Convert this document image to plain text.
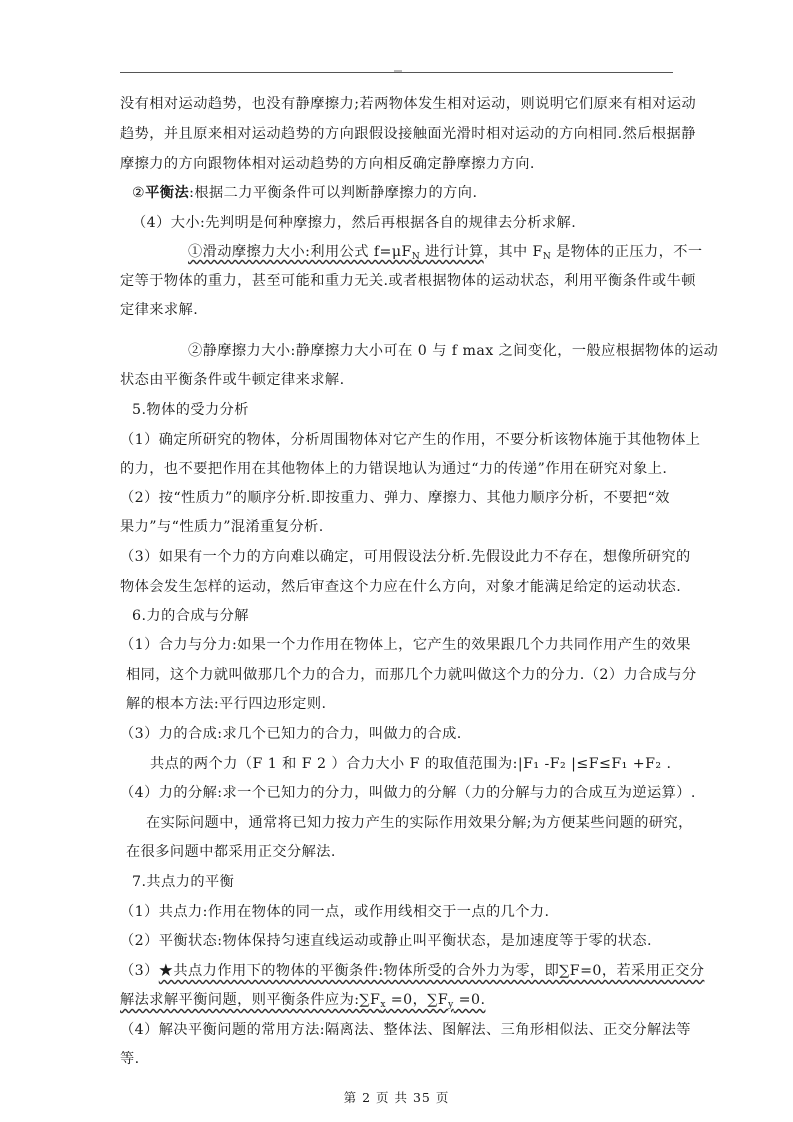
没有相对运动趋势，也没有静摩擦力;若两物体发生相对运动，则说明它们原来有相对运动
趋势，并且原来相对运动趋势的方向跟假设接触面光滑时相对运动的方向相同.然后根据静
摩擦力的方向跟物体相对运动趋势的方向相反确定静摩擦力方向.
②平衡法:根据二力平衡条件可以判断静摩擦力的方向.
（4）大小:先判明是何种摩擦力，然后再根据各自的规律去分析求解.
①滑动摩擦力大小:利用公式 $f=\mu F_N$ 进行计算，其中 $F_N$ 是物体的正压力，不一
定等于物体的重力，甚至可能和重力无关.或者根据物体的运动状态，利用平衡条件或牛顿
定律来求解.
②静摩擦力大小:静摩擦力大小可在 0 与 f max 之间变化，一般应根据物体的运动
状态由平衡条件或牛顿定律来求解.
5.物体的受力分析
（1）确定所研究的物体，分析周围物体对它产生的作用，不要分析该物体施于其他物体上
的力，也不要把作用在其他物体上的力错误地认为通过“力的传递”作用在研究对象上.
（2）按“性质力”的顺序分析.即按重力、弹力、摩擦力、其他力顺序分析，不要把“效
果力”与“性质力”混淆重复分析.
（3）如果有一个力的方向难以确定，可用假设法分析.先假设此力不存在，想像所研究的
物体会发生怎样的运动，然后审查这个力应在什么方向，对象才能满足给定的运动状态.
6.力的合成与分解
（1）合力与分力:如果一个力作用在物体上，它产生的效果跟几个力共同作用产生的效果
相同，这个力就叫做那几个力的合力，而那几个力就叫做这个力的分力.（2）力合成与分
解的根本方法:平行四边形定则.
（3）力的合成:求几个已知力的合力，叫做力的合成.
共点的两个力（F 1 和 F 2 ）合力大小 F 的取值范围为:|F₁ -F₂ |≤F≤F₁ +F₂ .
（4）力的分解:求一个已知力的分力，叫做力的分解（力的分解与力的合成互为逆运算）.
在实际问题中，通常将已知力按力产生的实际作用效果分解;为方便某些问题的研究，
在很多问题中都采用正交分解法.
7.共点力的平衡
（1）共点力:作用在物体的同一点，或作用线相交于一点的几个力.
（2）平衡状态:物体保持匀速直线运动或静止叫平衡状态，是加速度等于零的状态.
（3）★共点力作用下的物体的平衡条件:物体所受的合外力为零，即∑F=0，若采用正交分
解法求解平衡问题，则平衡条件应为$:\sum F_x =0$，$\sum F_y =0$.
（4）解决平衡问题的常用方法:隔离法、整体法、图解法、三角形相似法、正交分解法等
等.
第 2 页 共 35 页
